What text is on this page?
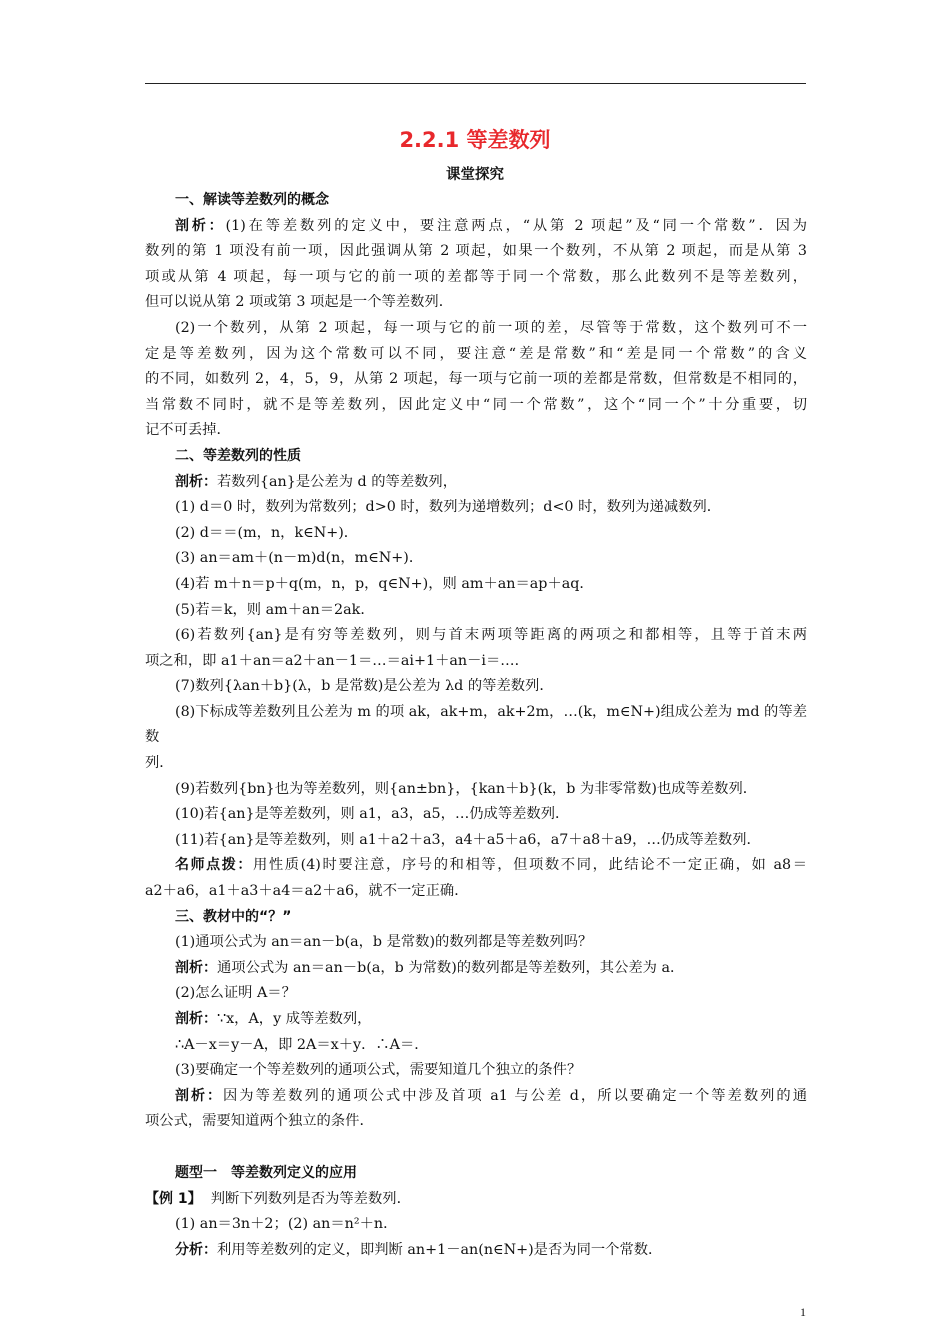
2.2.1 等差数列
课堂探究

一、解读等差数列的概念

剖析：(1)在等差数列的定义中，要注意两点，“从第 2 项起”及“同一个常数”．因为

数列的第 1 项没有前一项，因此强调从第 2 项起，如果一个数列，不从第 2 项起，而是从第 3

项或从第 4 项起，每一项与它的前一项的差都等于同一个常数，那么此数列不是等差数列，

但可以说从第 2 项或第 3 项起是一个等差数列．

(2)一个数列，从第 2 项起，每一项与它的前一项的差，尽管等于常数，这个数列可不一

定是等差数列，因为这个常数可以不同，要注意“差是常数”和“差是同一个常数”的含义

的不同，如数列 2，4，5，9，从第 2 项起，每一项与它前一项的差都是常数，但常数是不相同的，

当常数不同时，就不是等差数列，因此定义中“同一个常数”，这个“同一个”十分重要，切

记不可丢掉．

二、等差数列的性质

剖析：若数列{an}是公差为 d 的等差数列，

(1) d＝0 时，数列为常数列；d>0 时，数列为递增数列；d<0 时，数列为递减数列．

(2) d＝＝(m，n，k∈N+)．

(3) an＝am＋(n－m)d(n，m∈N+)．

(4)若 m＋n＝p＋q(m，n，p，q∈N+)，则 am＋an＝ap＋aq．

(5)若＝k，则 am＋an＝2ak．

(6)若数列{an}是有穷等差数列，则与首末两项等距离的两项之和都相等，且等于首末两

项之和，即 a1＋an＝a2＋an－1＝…＝ai+1＋an－i＝…．

(7)数列{λan＋b}(λ，b 是常数)是公差为 λd 的等差数列．

(8)下标成等差数列且公差为 m 的项 ak，ak+m，ak+2m，…(k，m∈N+)组成公差为 md 的等差数

列．

(9)若数列{bn}也为等差数列，则{an±bn}，{kan＋b}(k，b 为非零常数)也成等差数列．

(10)若{an}是等差数列，则 a1，a3，a5，…仍成等差数列．

(11)若{an}是等差数列，则 a1＋a2＋a3，a4＋a5＋a6，a7＋a8＋a9，…仍成等差数列．

名师点拨：用性质(4)时要注意，序号的和相等，但项数不同，此结论不一定正确，如 a8＝

a2＋a6，a1＋a3＋a4＝a2＋a6，就不一定正确．

三、教材中的“？”

(1)通项公式为 an＝an－b(a，b 是常数)的数列都是等差数列吗？

剖析：通项公式为 an＝an－b(a，b 为常数)的数列都是等差数列，其公差为 a．

(2)怎么证明 A＝？

剖析：∵x，A，y 成等差数列，

∴A－x＝y－A，即 2A＝x＋y．∴A＝．

(3)要确定一个等差数列的通项公式，需要知道几个独立的条件？

剖析：因为等差数列的通项公式中涉及首项 a1 与公差 d，所以要确定一个等差数列的通

项公式，需要知道两个独立的条件．

题型一　等差数列定义的应用

【例 1】 判断下列数列是否为等差数列．

(1) an＝3n＋2；(2) an＝n²＋n．

分析：利用等差数列的定义，即判断 an+1－an(n∈N+)是否为同一个常数．

1
